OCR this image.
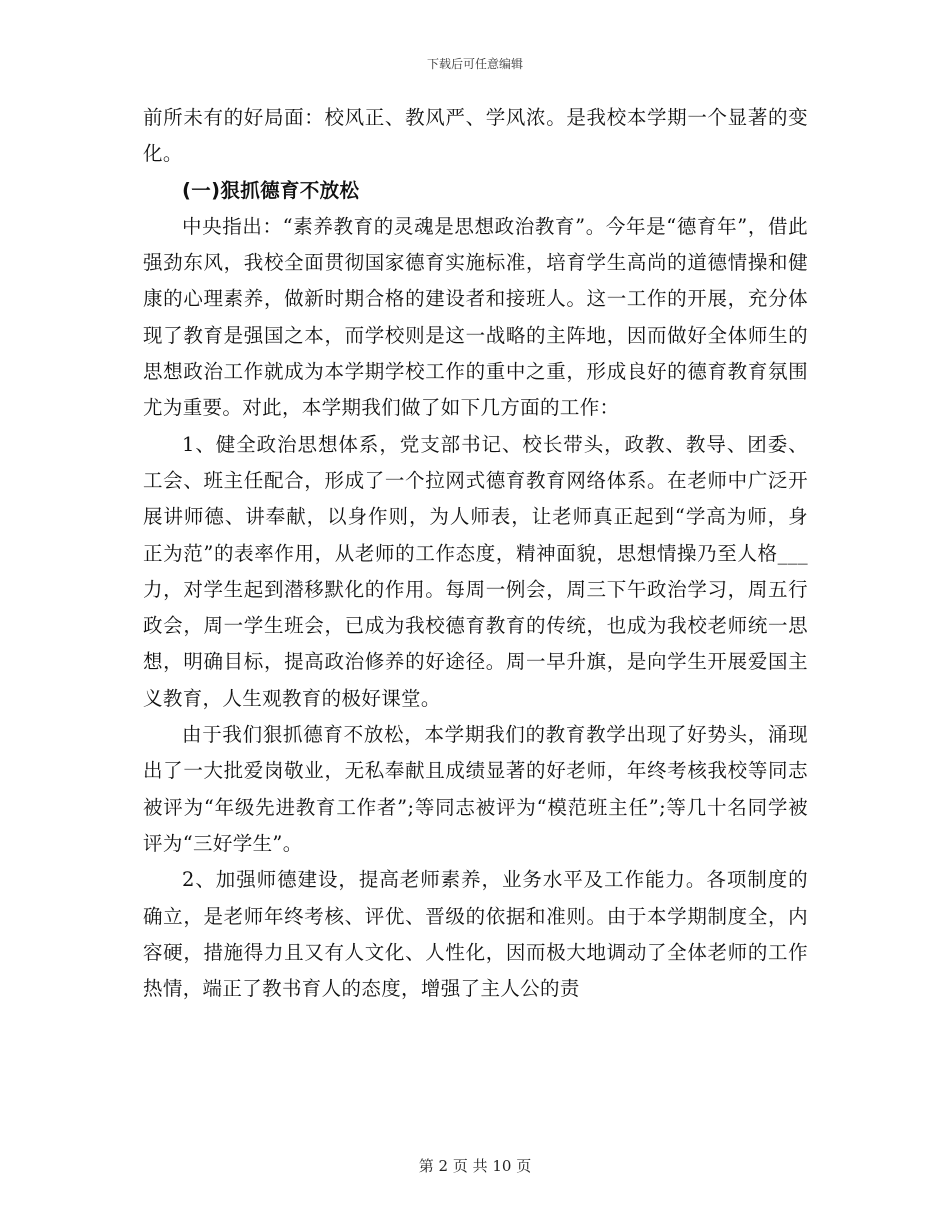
下载后可任意编辑

前所未有的好局面：校风正、教风严、学风浓。是我校本学期一个显著的变化。

(一)狠抓德育不放松

中央指出：“素养教育的灵魂是思想政治教育”。今年是“德育年”，借此强劲东风，我校全面贯彻国家德育实施标准，培育学生高尚的道德情操和健康的心理素养，做新时期合格的建设者和接班人。这一工作的开展，充分体现了教育是强国之本，而学校则是这一战略的主阵地，因而做好全体师生的思想政治工作就成为本学期学校工作的重中之重，形成良好的德育教育氛围尤为重要。对此，本学期我们做了如下几方面的工作：

1、健全政治思想体系，党支部书记、校长带头，政教、教导、团委、工会、班主任配合，形成了一个拉网式德育教育网络体系。在老师中广泛开展讲师德、讲奉献，以身作则，为人师表，让老师真正起到“学高为师，身正为范”的表率作用，从老师的工作态度，精神面貌，思想情操乃至人格___力，对学生起到潜移默化的作用。每周一例会，周三下午政治学习，周五行政会，周一学生班会，已成为我校德育教育的传统，也成为我校老师统一思想，明确目标，提高政治修养的好途径。周一早升旗，是向学生开展爱国主义教育，人生观教育的极好课堂。

由于我们狠抓德育不放松，本学期我们的教育教学出现了好势头，涌现出了一大批爱岗敬业，无私奉献且成绩显著的好老师，年终考核我校等同志被评为“年级先进教育工作者”;等同志被评为“模范班主任”;等几十名同学被评为“三好学生”。

2、加强师德建设，提高老师素养，业务水平及工作能力。各项制度的确立，是老师年终考核、评优、晋级的依据和准则。由于本学期制度全，内容硬，措施得力且又有人文化、人性化，因而极大地调动了全体老师的工作热情，端正了教书育人的态度，增强了主人公的责

第 2 页 共 10 页
